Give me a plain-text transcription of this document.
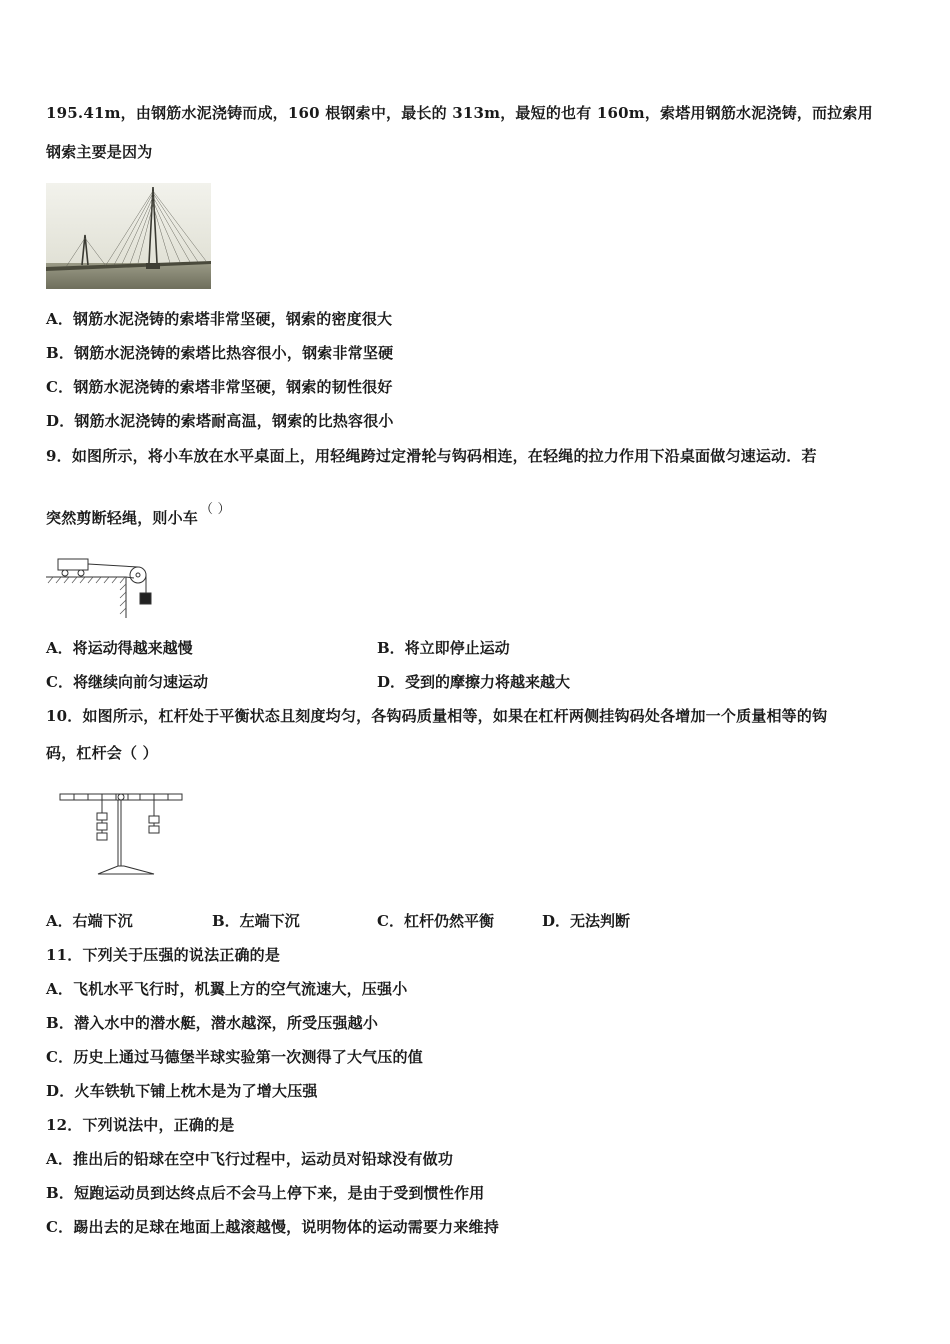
195.41m，由钢筋水泥浇铸而成，160 根钢索中，最长的 313m，最短的也有 160m，索塔用钢筋水泥浇铸，而拉索用
钢索主要是因为
A．钢筋水泥浇铸的索塔非常坚硬，钢索的密度很大
B．钢筋水泥浇铸的索塔比热容很小，钢索非常坚硬
C．钢筋水泥浇铸的索塔非常坚硬，钢索的韧性很好
D．钢筋水泥浇铸的索塔耐高温，钢索的比热容很小
9．如图所示，将小车放在水平桌面上，用轻绳跨过定滑轮与钩码相连，在轻绳的拉力作用下沿桌面做匀速运动．若
突然剪断轻绳，则小车 （ ）
A．将运动得越来越慢	B．将立即停止运动
C．将继续向前匀速运动	D．受到的摩擦力将越来越大
10．如图所示，杠杆处于平衡状态且刻度均匀，各钩码质量相等，如果在杠杆两侧挂钩码处各增加一个质量相等的钩
码，杠杆会（ ）
A．右端下沉	B．左端下沉	C．杠杆仍然平衡	D．无法判断
11．下列关于压强的说法正确的是
A．飞机水平飞行时，机翼上方的空气流速大，压强小
B．潜入水中的潜水艇，潜水越深，所受压强越小
C．历史上通过马德堡半球实验第一次测得了大气压的值
D．火车铁轨下铺上枕木是为了增大压强
12．下列说法中，正确的是
A．推出后的铅球在空中飞行过程中，运动员对铅球没有做功
B．短跑运动员到达终点后不会马上停下来，是由于受到惯性作用
C．踢出去的足球在地面上越滚越慢，说明物体的运动需要力来维持
